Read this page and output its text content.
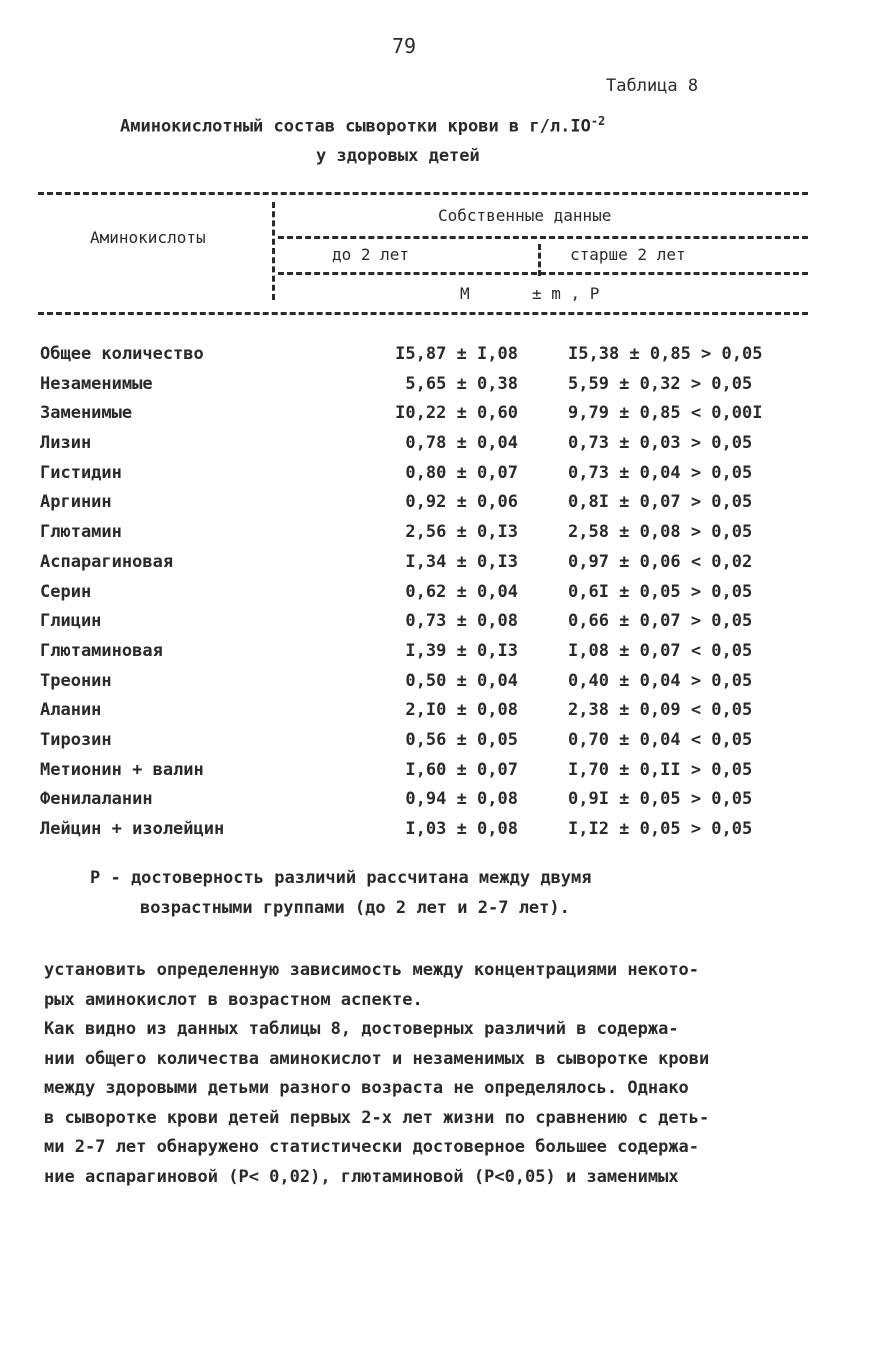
79
Таблица 8
Аминокислотный состав сыворотки крови в $г/л.IO^{-2}$
у здоровых детей
Аминокислоты
Собственные данные
до 2 лет	старше 2 лет
М	± m , P
Общее количество	I5,87 ± I,08	I5,38 ± 0,85 > 0,05
Незаменимые	5,65 ± 0,38	5,59 ± 0,32 > 0,05
Заменимые	I0,22 ± 0,60	9,79 ± 0,85 < 0,00I
Лизин	0,78 ± 0,04	0,73 ± 0,03 > 0,05
Гистидин	0,80 ± 0,07	0,73 ± 0,04 > 0,05
Аргинин	0,92 ± 0,06	0,8I ± 0,07 > 0,05
Глютамин	2,56 ± 0,I3	2,58 ± 0,08 > 0,05
Аспарагиновая	I,34 ± 0,I3	0,97 ± 0,06 < 0,02
Серин	0,62 ± 0,04	0,6I ± 0,05 > 0,05
Глицин	0,73 ± 0,08	0,66 ± 0,07 > 0,05
Глютаминовая	I,39 ± 0,I3	I,08 ± 0,07 < 0,05
Треонин	0,50 ± 0,04	0,40 ± 0,04 > 0,05
Аланин	2,I0 ± 0,08	2,38 ± 0,09 < 0,05
Тирозин	0,56 ± 0,05	0,70 ± 0,04 < 0,05
Метионин + валин	I,60 ± 0,07	I,70 ± 0,II > 0,05
Фенилаланин	0,94 ± 0,08	0,9I ± 0,05 > 0,05
Лейцин + изолейцин	I,03 ± 0,08	I,I2 ± 0,05 > 0,05
Р - достоверность различий рассчитана между двумя
возрастными группами (до 2 лет и 2-7 лет).

установить определенную зависимость между концентрациями некото-

рых аминокислот в возрастном аспекте.

Как видно из данных таблицы 8, достоверных различий в содержа-

нии общего количества аминокислот и незаменимых в сыворотке крови

между здоровыми детьми разного возраста не определялось. Однако

в сыворотке крови детей первых 2-х лет жизни по сравнению с деть-

ми 2-7 лет обнаружено статистически достоверное большее содержа-

ние аспарагиновой (Р< 0,02), глютаминовой (Р<0,05) и заменимых
